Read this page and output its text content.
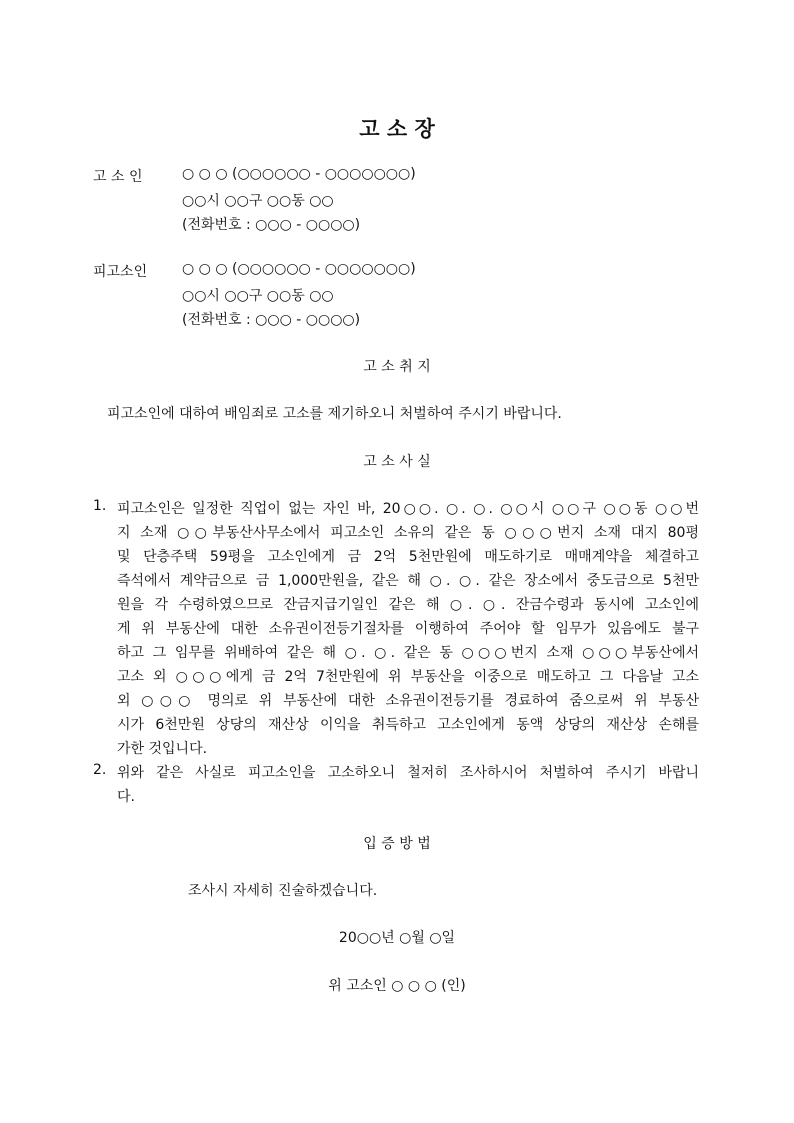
고 소 장
고 소 인	○ ○ ○ (○○○○○○ - ○○○○○○○)
○○시 ○○구 ○○동 ○○
(전화번호 : ○○○ - ○○○○)
피고소인 ○ ○ ○ (○○○○○○ - ○○○○○○○)
○○시 ○○구 ○○동 ○○
(전화번호 : ○○○ - ○○○○)
고 소 취 지
피고소인에 대하여 배임죄로 고소를 제기하오니 처벌하여 주시기 바랍니다.
고 소 사 실
1. 피고소인은 일정한 직업이 없는 자인 바, 20○○. ○. ○. ○○시 ○○구 ○○동 ○○번
지 소재 ○○부동산사무소에서 피고소인 소유의 같은 동 ○○○번지 소재 대지 80평
및 단층주택 59평을 고소인에게 금 2억 5천만원에 매도하기로 매매계약을 체결하고
즉석에서 계약금으로 금 1,000만원을, 같은 해 ○. ○. 같은 장소에서 중도금으로 5천만
원을 각 수령하였으므로 잔금지급기일인 같은 해 ○. ○. 잔금수령과 동시에 고소인에
게 위 부동산에 대한 소유권이전등기절차를 이행하여 주어야 할 임무가 있음에도 불구
하고 그 임무를 위배하여 같은 해 ○. ○. 같은 동 ○○○번지 소재 ○○○부동산에서
고소 외 ○○○에게 금 2억 7천만원에 위 부동산을 이중으로 매도하고 그 다음날 고소
외 ○○○ 명의로 위 부동산에 대한 소유권이전등기를 경료하여 줌으로써 위 부동산
시가 6천만원 상당의 재산상 이익을 취득하고 고소인에게 동액 상당의 재산상 손해를
가한 것입니다.
2. 위와 같은 사실로 피고소인을 고소하오니 철저히 조사하시어 처벌하여 주시기 바랍니
다.
입 증 방 법
조사시 자세히 진술하겠습니다.
20○○년 ○월 ○일
위 고소인 ○ ○ ○ (인)
